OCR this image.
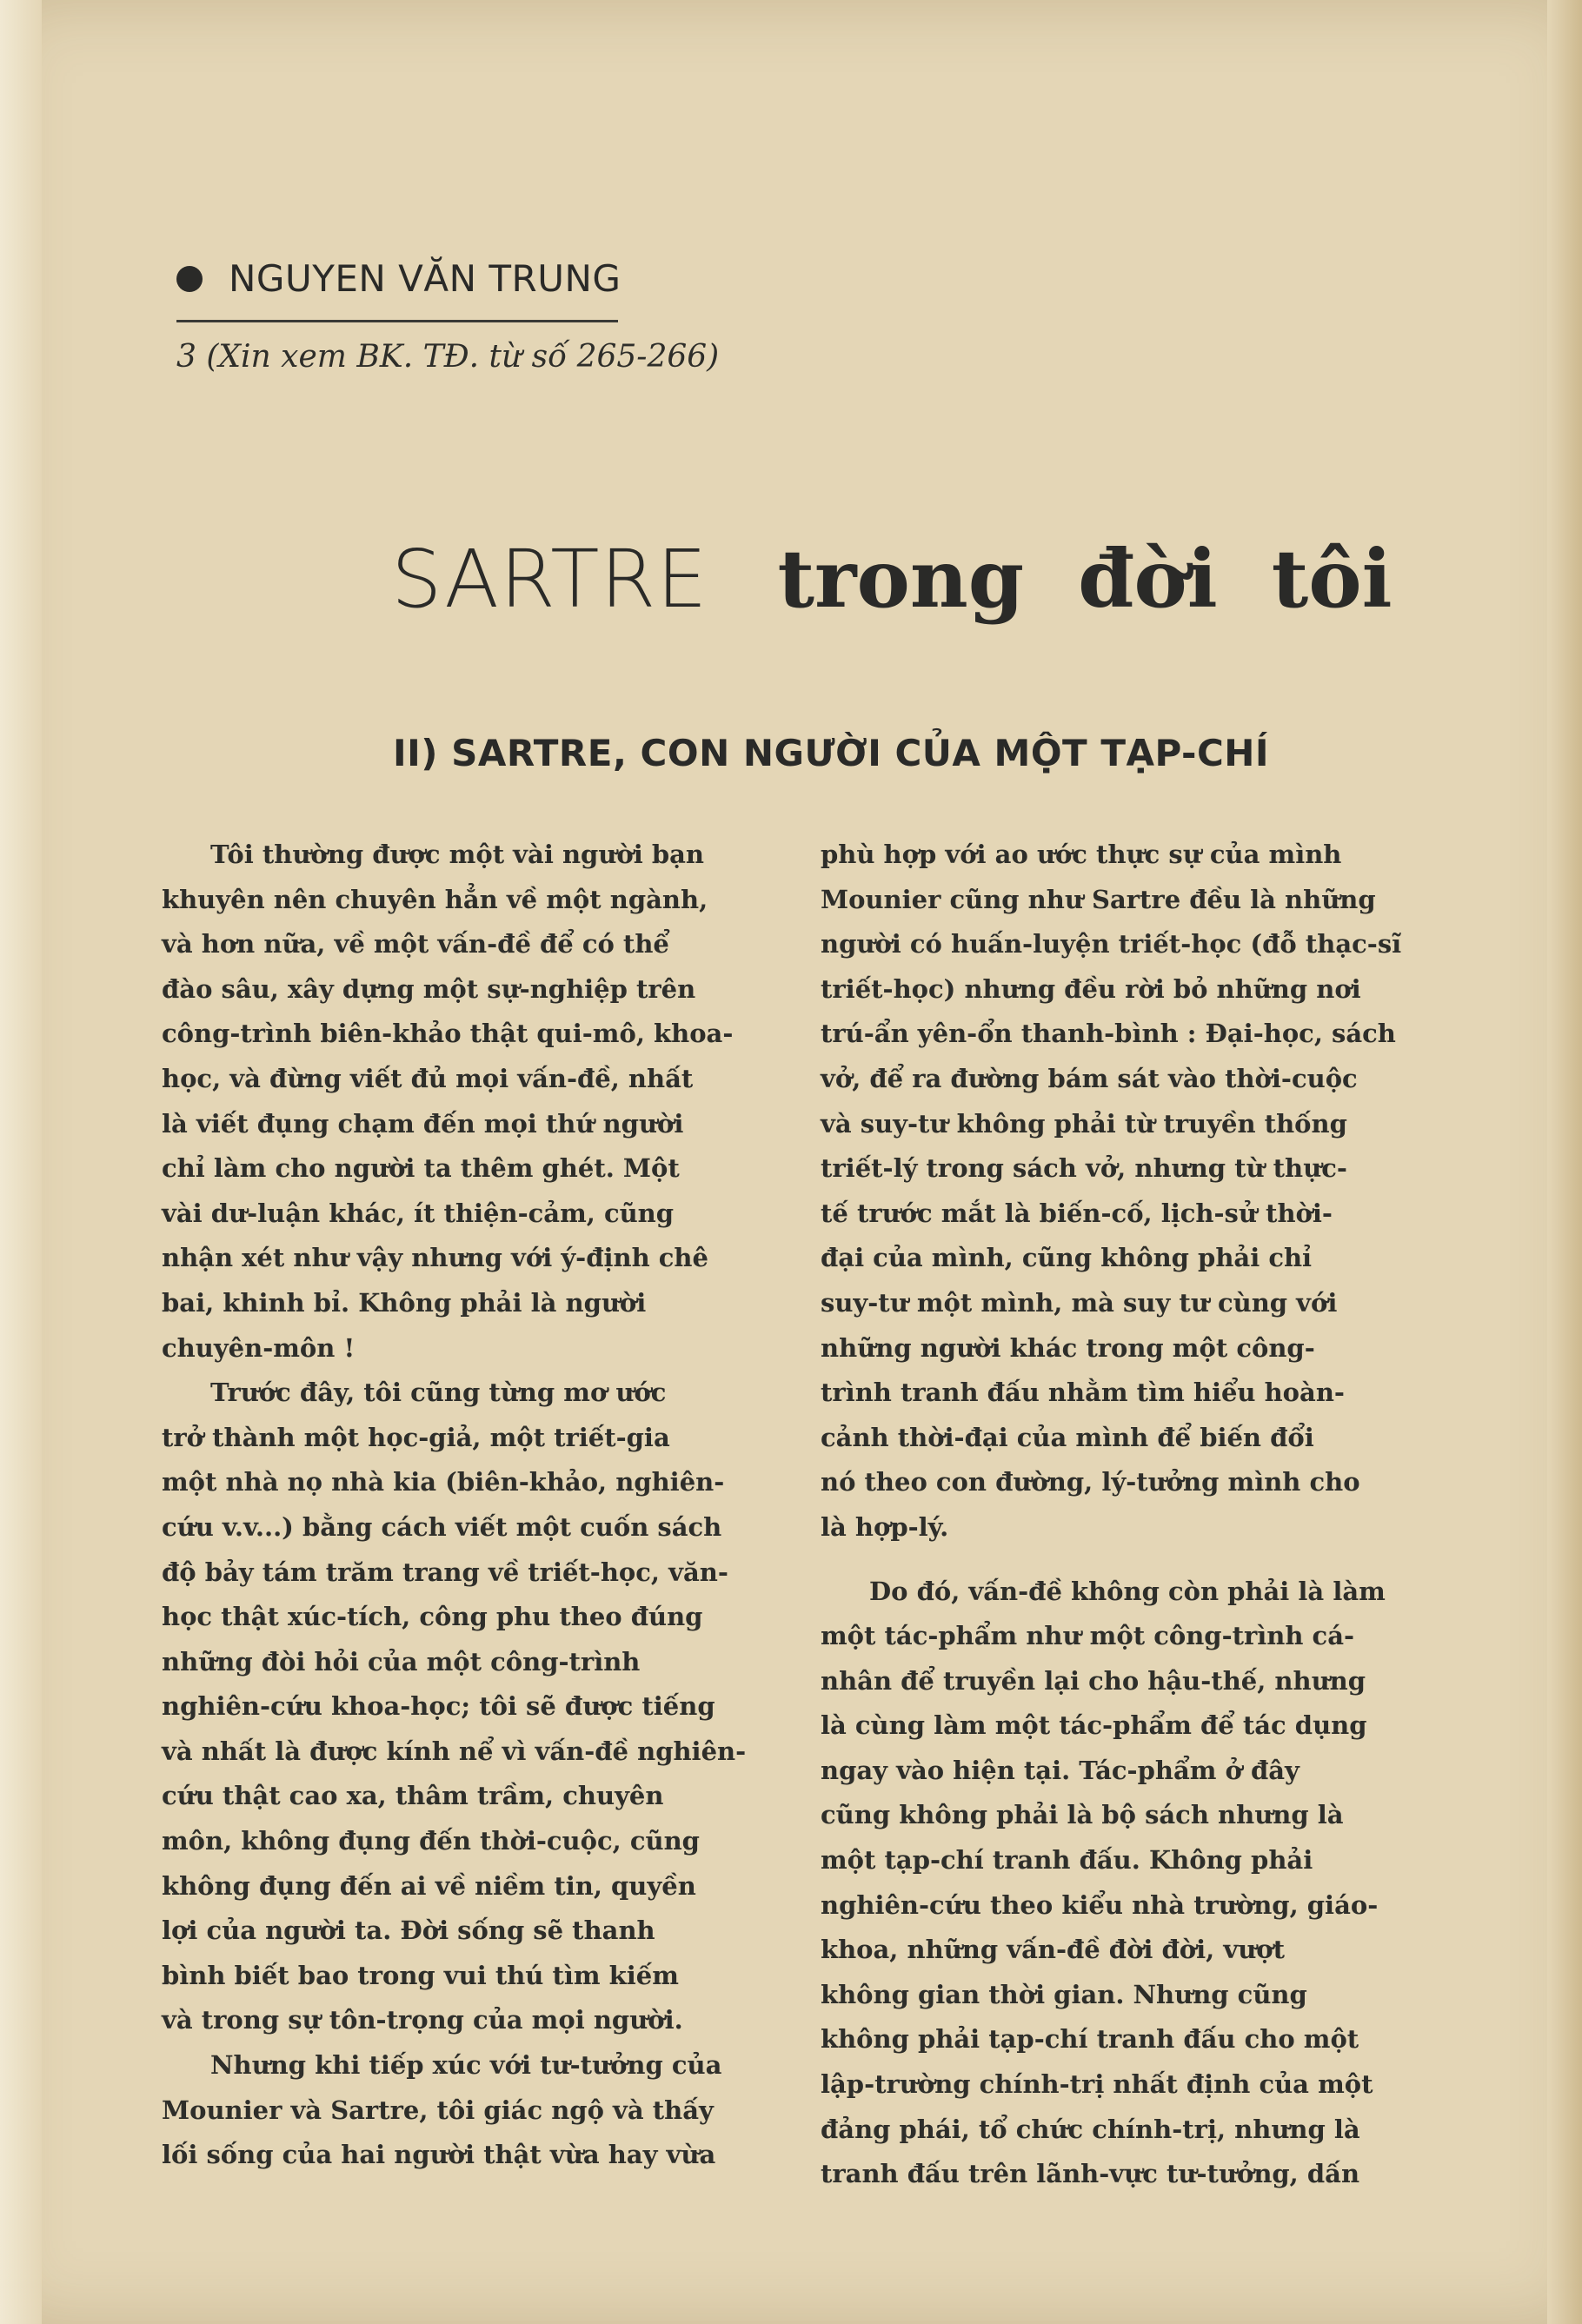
NGUYEN VĂN TRUNG
3 (Xin xem BK. TĐ. từ số 265-266)
SARTRE trong đời tôi
II) SARTRE, CON NGƯỜI CỦA MỘT TẠP-CHÍ
Tôi thường được một vài người bạn
khuyên nên chuyên hẳn về một ngành,
và hơn nữa, về một vấn-đề để có thể
đào sâu, xây dựng một sự-nghiệp trên
công-trình biên-khảo thật qui-mô, khoa-
học, và đừng viết đủ mọi vấn-đề, nhất
là viết đụng chạm đến mọi thứ người
chỉ làm cho người ta thêm ghét. Một
vài dư-luận khác, ít thiện-cảm, cũng
nhận xét như vậy nhưng với ý-định chê
bai, khinh bỉ. Không phải là người
chuyên-môn !
Trước đây, tôi cũng từng mơ ước
trở thành một học-giả, một triết-gia
một nhà nọ nhà kia (biên-khảo, nghiên-
cứu v.v...) bằng cách viết một cuốn sách
độ bảy tám trăm trang về triết-học, văn-
học thật xúc-tích, công phu theo đúng
những đòi hỏi của một công-trình
nghiên-cứu khoa-học; tôi sẽ được tiếng
và nhất là được kính nể vì vấn-đề nghiên-
cứu thật cao xa, thâm trầm, chuyên
môn, không đụng đến thời-cuộc, cũng
không đụng đến ai về niềm tin, quyền
lợi của người ta. Đời sống sẽ thanh
bình biết bao trong vui thú tìm kiếm
và trong sự tôn-trọng của mọi người.
Nhưng khi tiếp xúc với tư-tưởng của
Mounier và Sartre, tôi giác ngộ và thấy
lối sống của hai người thật vừa hay vừa
phù hợp với ao ước thực sự của mình
Mounier cũng như Sartre đều là những
người có huấn-luyện triết-học (đỗ thạc-sĩ
triết-học) nhưng đều rời bỏ những nơi
trú-ẩn yên-ổn thanh-bình : Đại-học, sách
vở, để ra đường bám sát vào thời-cuộc
và suy-tư không phải từ truyền thống
triết-lý trong sách vở, nhưng từ thực-
tế trước mắt là biến-cố, lịch-sử thời-
đại của mình, cũng không phải chỉ
suy-tư một mình, mà suy tư cùng với
những người khác trong một công-
trình tranh đấu nhằm tìm hiểu hoàn-
cảnh thời-đại của mình để biến đổi
nó theo con đường, lý-tưởng mình cho
là hợp-lý.
Do đó, vấn-đề không còn phải là làm
một tác-phẩm như một công-trình cá-
nhân để truyền lại cho hậu-thế, nhưng
là cùng làm một tác-phẩm để tác dụng
ngay vào hiện tại. Tác-phẩm ở đây
cũng không phải là bộ sách nhưng là
một tạp-chí tranh đấu. Không phải
nghiên-cứu theo kiểu nhà trường, giáo-
khoa, những vấn-đề đời đời, vượt
không gian thời gian. Nhưng cũng
không phải tạp-chí tranh đấu cho một
lập-trường chính-trị nhất định của một
đảng phái, tổ chức chính-trị, nhưng là
tranh đấu trên lãnh-vực tư-tưởng, dấn
